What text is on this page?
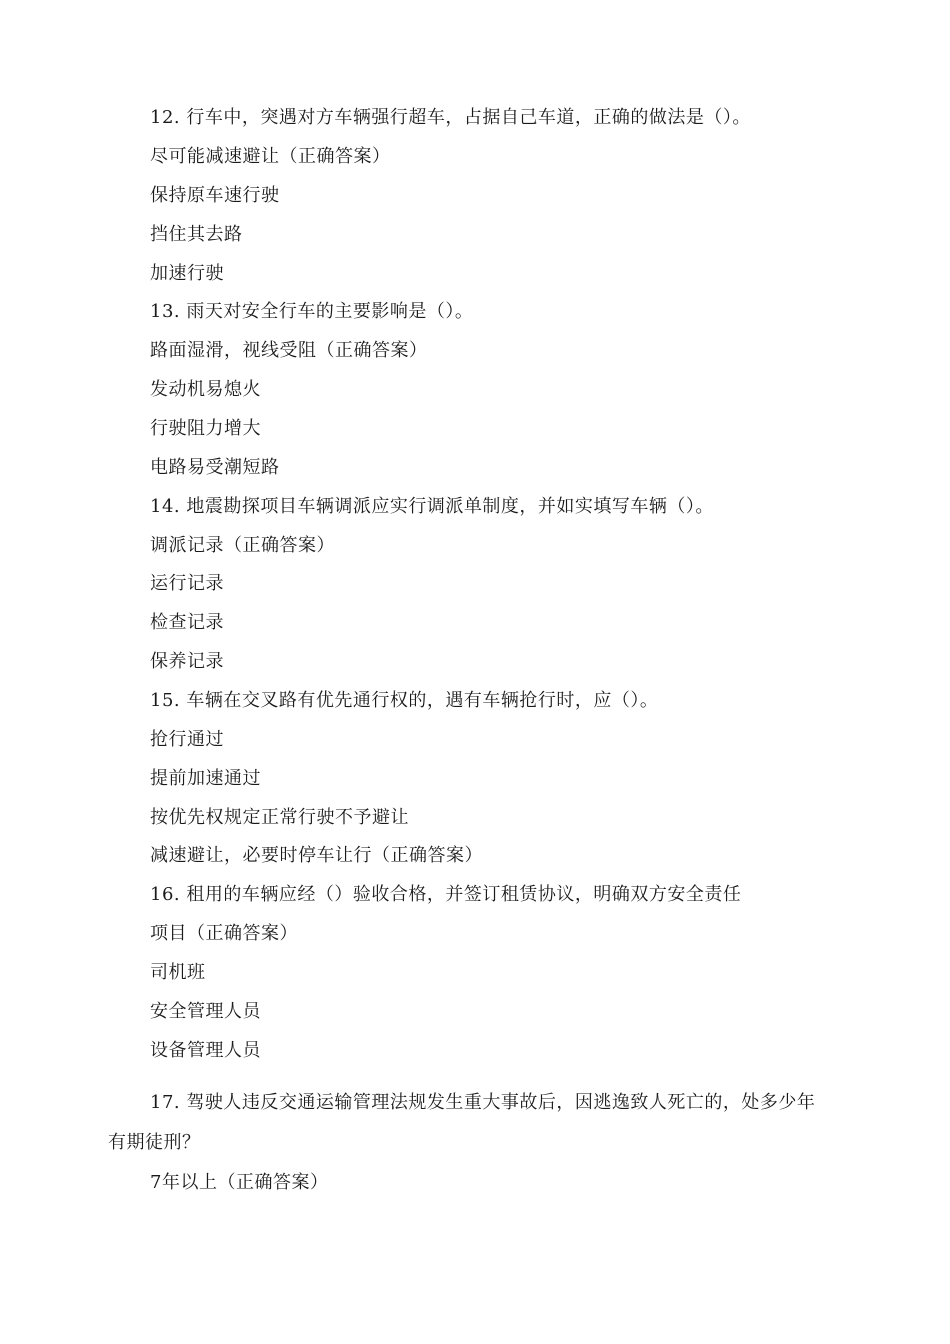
12. 行车中，突遇对方车辆强行超车，占据自己车道，正确的做法是（）。
尽可能减速避让（正确答案）
保持原车速行驶
挡住其去路
加速行驶
13. 雨天对安全行车的主要影响是（）。
路面湿滑，视线受阻（正确答案）
发动机易熄火
行驶阻力增大
电路易受潮短路
14. 地震勘探项目车辆调派应实行调派单制度，并如实填写车辆（）。
调派记录（正确答案）
运行记录
检查记录
保养记录
15. 车辆在交叉路有优先通行权的，遇有车辆抢行时，应（）。
抢行通过
提前加速通过
按优先权规定正常行驶不予避让
减速避让，必要时停车让行（正确答案）
16. 租用的车辆应经（）验收合格，并签订租赁协议，明确双方安全责任
项目（正确答案）
司机班
安全管理人员
设备管理人员
17. 驾驶人违反交通运输管理法规发生重大事故后，因逃逸致人死亡的，处多少年
有期徒刑？
7年以上（正确答案）
